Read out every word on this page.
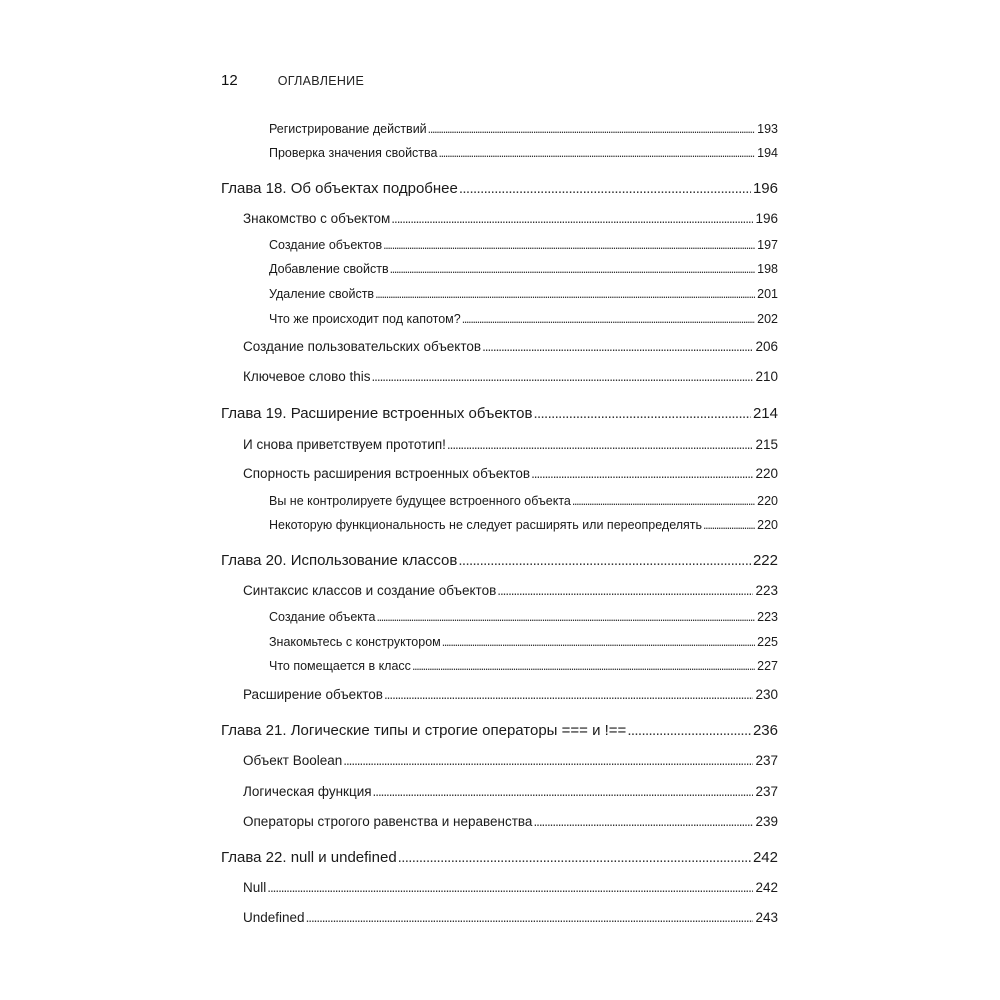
12	ОГЛАВЛЕНИЕ
Регистрирование действий . . .	193
Проверка значения свойства . . .	194
Глава 18. Об объектах подробнее . . .	196
Знакомство с объектом . . .	196
Создание объектов . . .	197
Добавление свойств . . .	198
Удаление свойств . . .	201
Что же происходит под капотом? . . .	202
Создание пользовательских объектов . . .	206
Ключевое слово this . . .	210
Глава 19. Расширение встроенных объектов . . .	214
И снова приветствуем прототип! . . .	215
Спорность расширения встроенных объектов . . .	220
Вы не контролируете будущее встроенного объекта . . .	220
Некоторую функциональность не следует расширять или переопределять . . .	220
Глава 20. Использование классов . . .	222
Синтаксис классов и создание объектов . . .	223
Создание объекта . . .	223
Знакомьтесь с конструктором . . .	225
Что помещается в класс . . .	227
Расширение объектов . . .	230
Глава 21. Логические типы и строгие операторы === и !== . . .	236
Объект Boolean . . .	237
Логическая функция . . .	237
Операторы строгого равенства и неравенства . . .	239
Глава 22. null и undefined . . .	242
Null . . .	242
Undefined . . .	243
